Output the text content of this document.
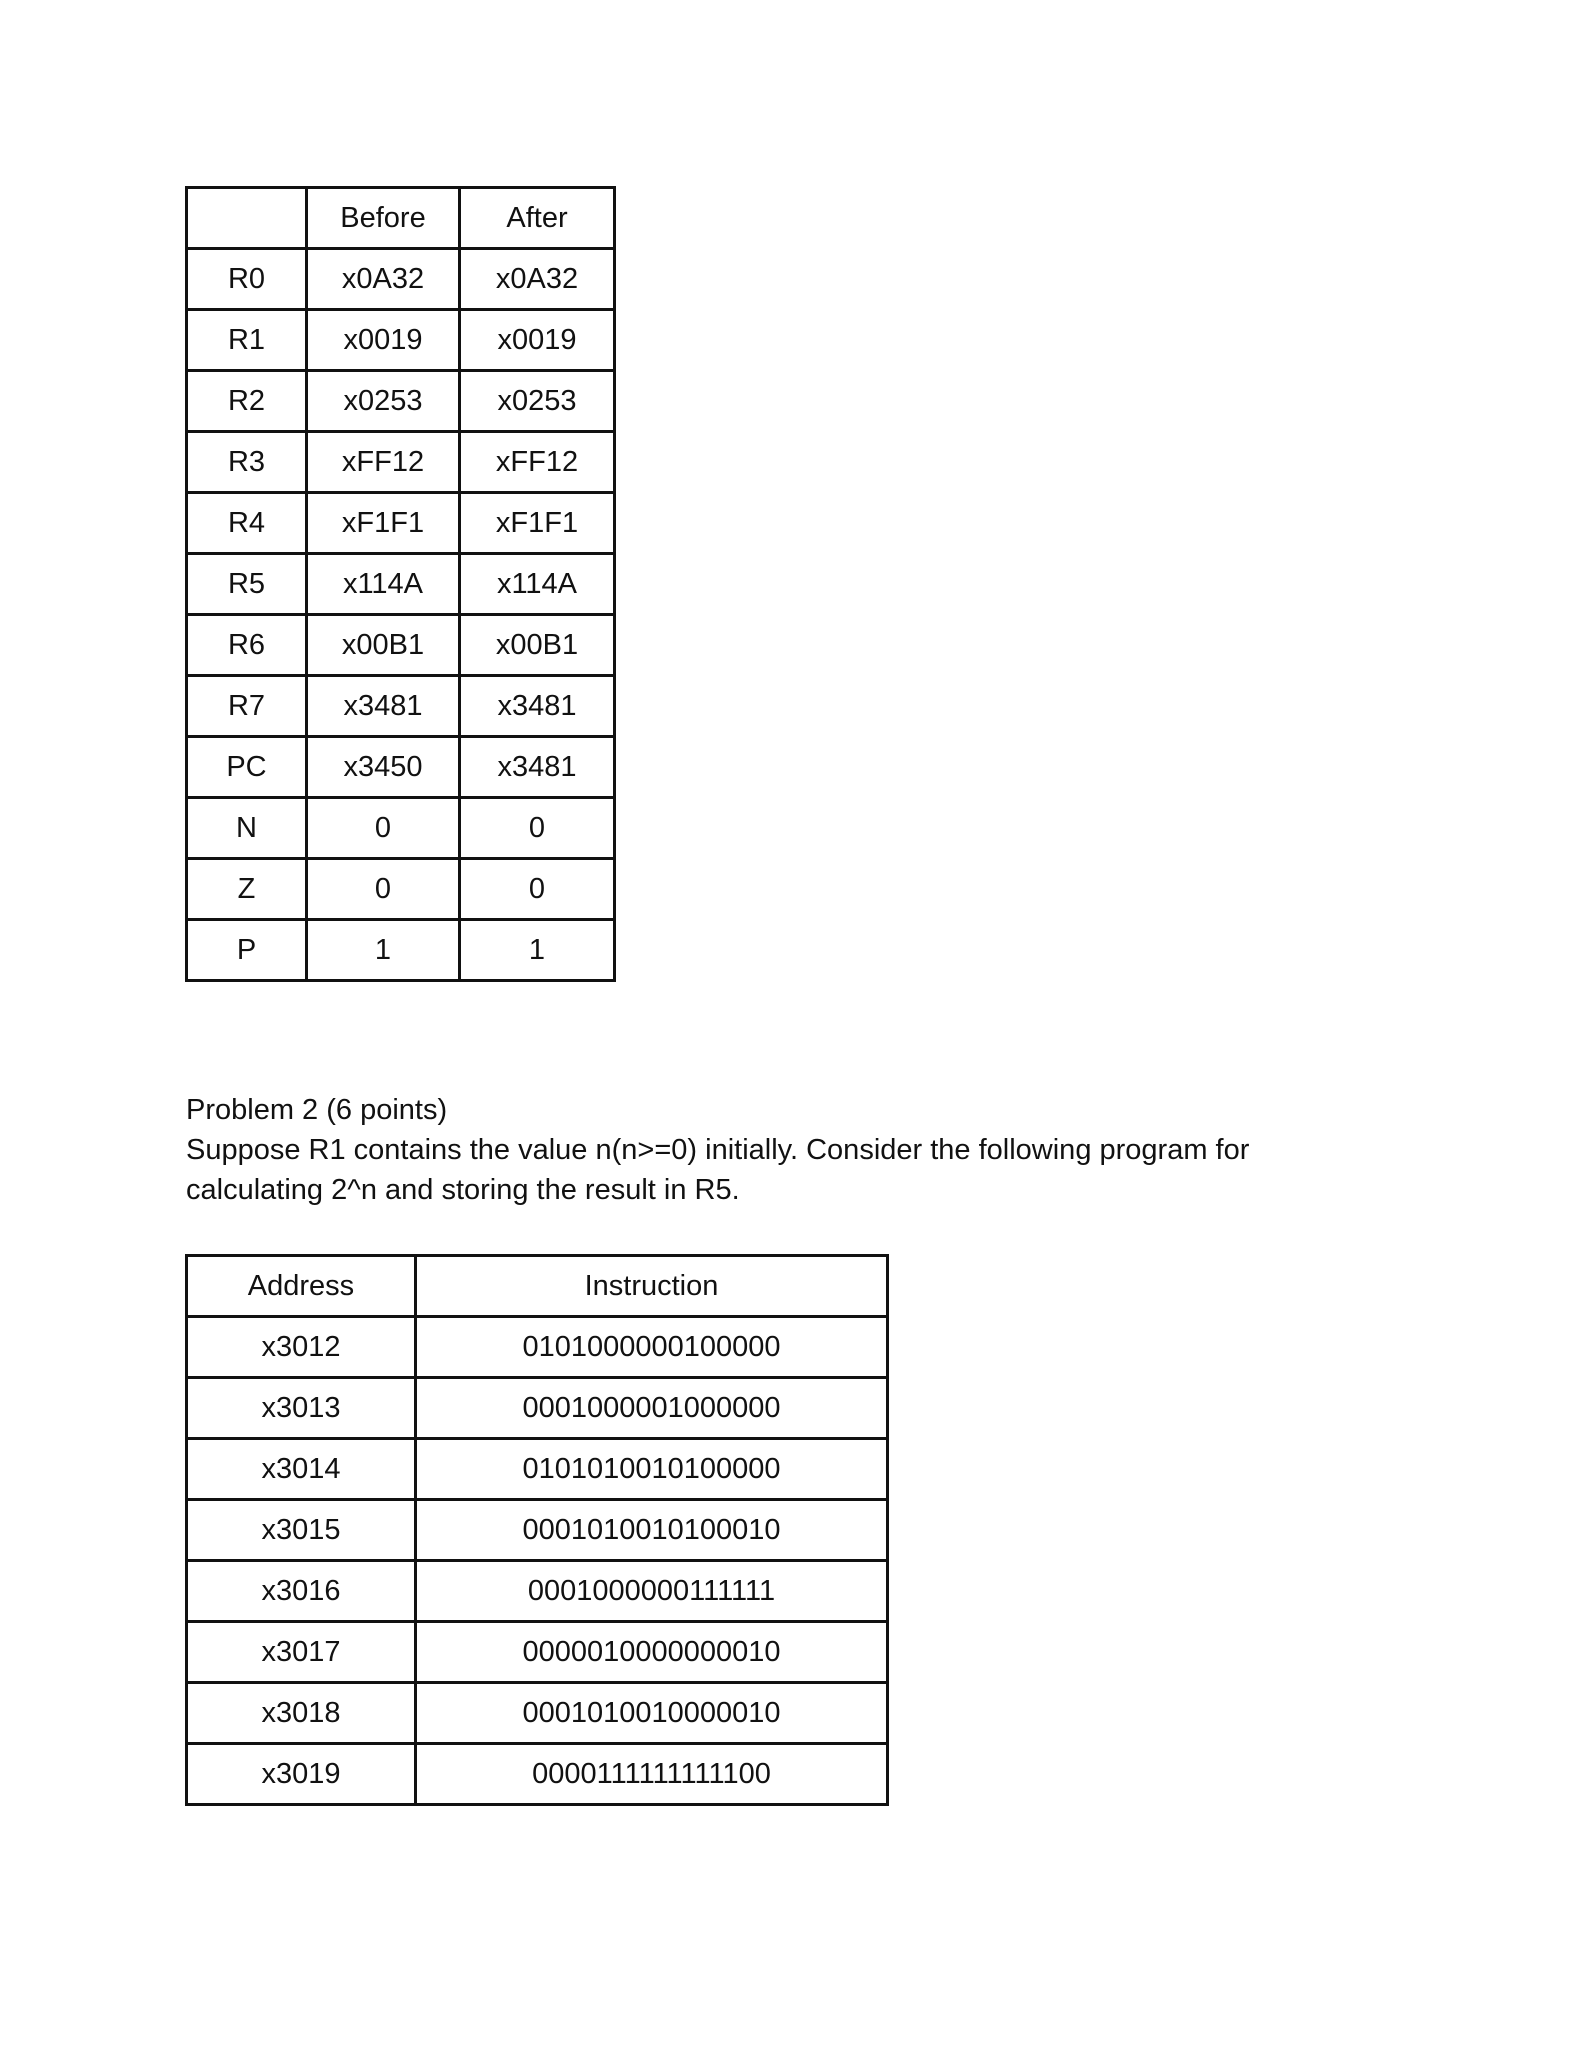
	Before	After
R0	x0A32	x0A32
R1	x0019	x0019
R2	x0253	x0253
R3	xFF12	xFF12
R4	xF1F1	xF1F1
R5	x114A	x114A
R6	x00B1	x00B1
R7	x3481	x3481
PC	x3450	x3481
N	0	0
Z	0	0
P	1	1

Problem 2 (6 points)

Suppose R1 contains the value n(n>=0) initially. Consider the following program for calculating 2^n and storing the result in R5.

Address	Instruction
x3012	0101000000100000
x3013	0001000001000000
x3014	0101010010100000
x3015	0001010010100010
x3016	0001000000111111
x3017	0000010000000010
x3018	0001010010000010
x3019	0000111111111100
